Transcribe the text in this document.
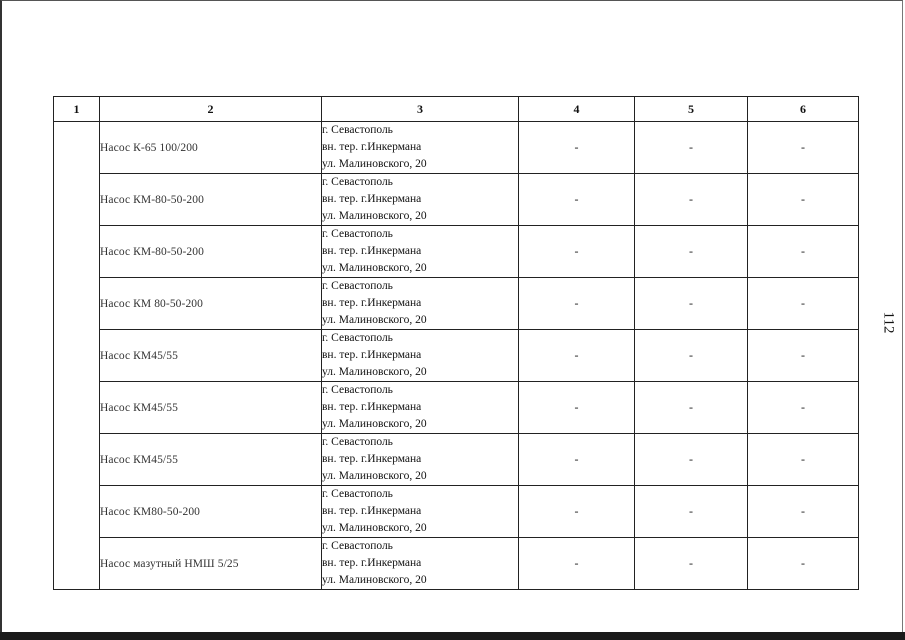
1	2	3	4	5	6
	Насос К-65 100/200	г. Севастополь
вн. тер. г.Инкермана
ул. Малиновского, 20	-	-	-
	Насос КМ-80-50-200	г. Севастополь
вн. тер. г.Инкермана
ул. Малиновского, 20	-	-	-
	Насос КМ-80-50-200	г. Севастополь
вн. тер. г.Инкермана
ул. Малиновского, 20	-	-	-
	Насос КМ 80-50-200	г. Севастополь
вн. тер. г.Инкермана
ул. Малиновского, 20	-	-	-
	Насос КМ45/55	г. Севастополь
вн. тер. г.Инкермана
ул. Малиновского, 20	-	-	-
	Насос КМ45/55	г. Севастополь
вн. тер. г.Инкермана
ул. Малиновского, 20	-	-	-
	Насос КМ45/55	г. Севастополь
вн. тер. г.Инкермана
ул. Малиновского, 20	-	-	-
	Насос КМ80-50-200	г. Севастополь
вн. тер. г.Инкермана
ул. Малиновского, 20	-	-	-
	Насос мазутный НМШ 5/25	г. Севастополь
вн. тер. г.Инкермана
ул. Малиновского, 20	-	-	-
112
